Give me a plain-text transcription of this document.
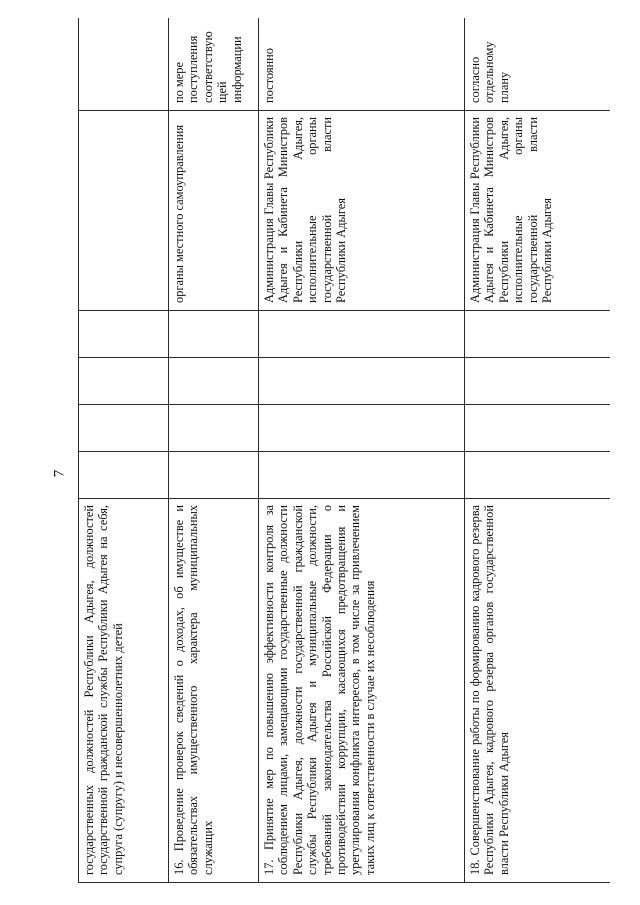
7
государственных должностей Республики Адыгея, должностей государственной гражданской службы Республики Адыгея на себя, супруга (супругу) и несовершеннолетних детей						
16. Проведение проверок сведений о доходах, об имуществе и обязательствах имущественного характера муниципальных служащих					органы местного самоуправления	по мере поступления соответствующей информации
17. Принятие мер по повышению эффективности контроля за соблюдением лицами, замещающими государственные должности Республики Адыгея, должности государственной гражданской службы Республики Адыгея и муниципальные должности, требований законодательства Российской Федерации о противодействии коррупции, касающихся предотвращения и урегулирования конфликта интересов, в том числе за привлечением таких лиц к ответственности в случае их несоблюдения					Администрация Главы Республики Адыгея и Кабинета Министров Республики Адыгея, исполнительные органы государственной власти Республики Адыгея	постоянно
18. Совершенствование работы по формированию кадрового резерва Республики Адыгея, кадрового резерва органов государственной власти Республики Адыгея					Администрация Главы Республики Адыгея и Кабинета Министров Республики Адыгея, исполнительные органы государственной власти Республики Адыгея	согласно отдельному плану
